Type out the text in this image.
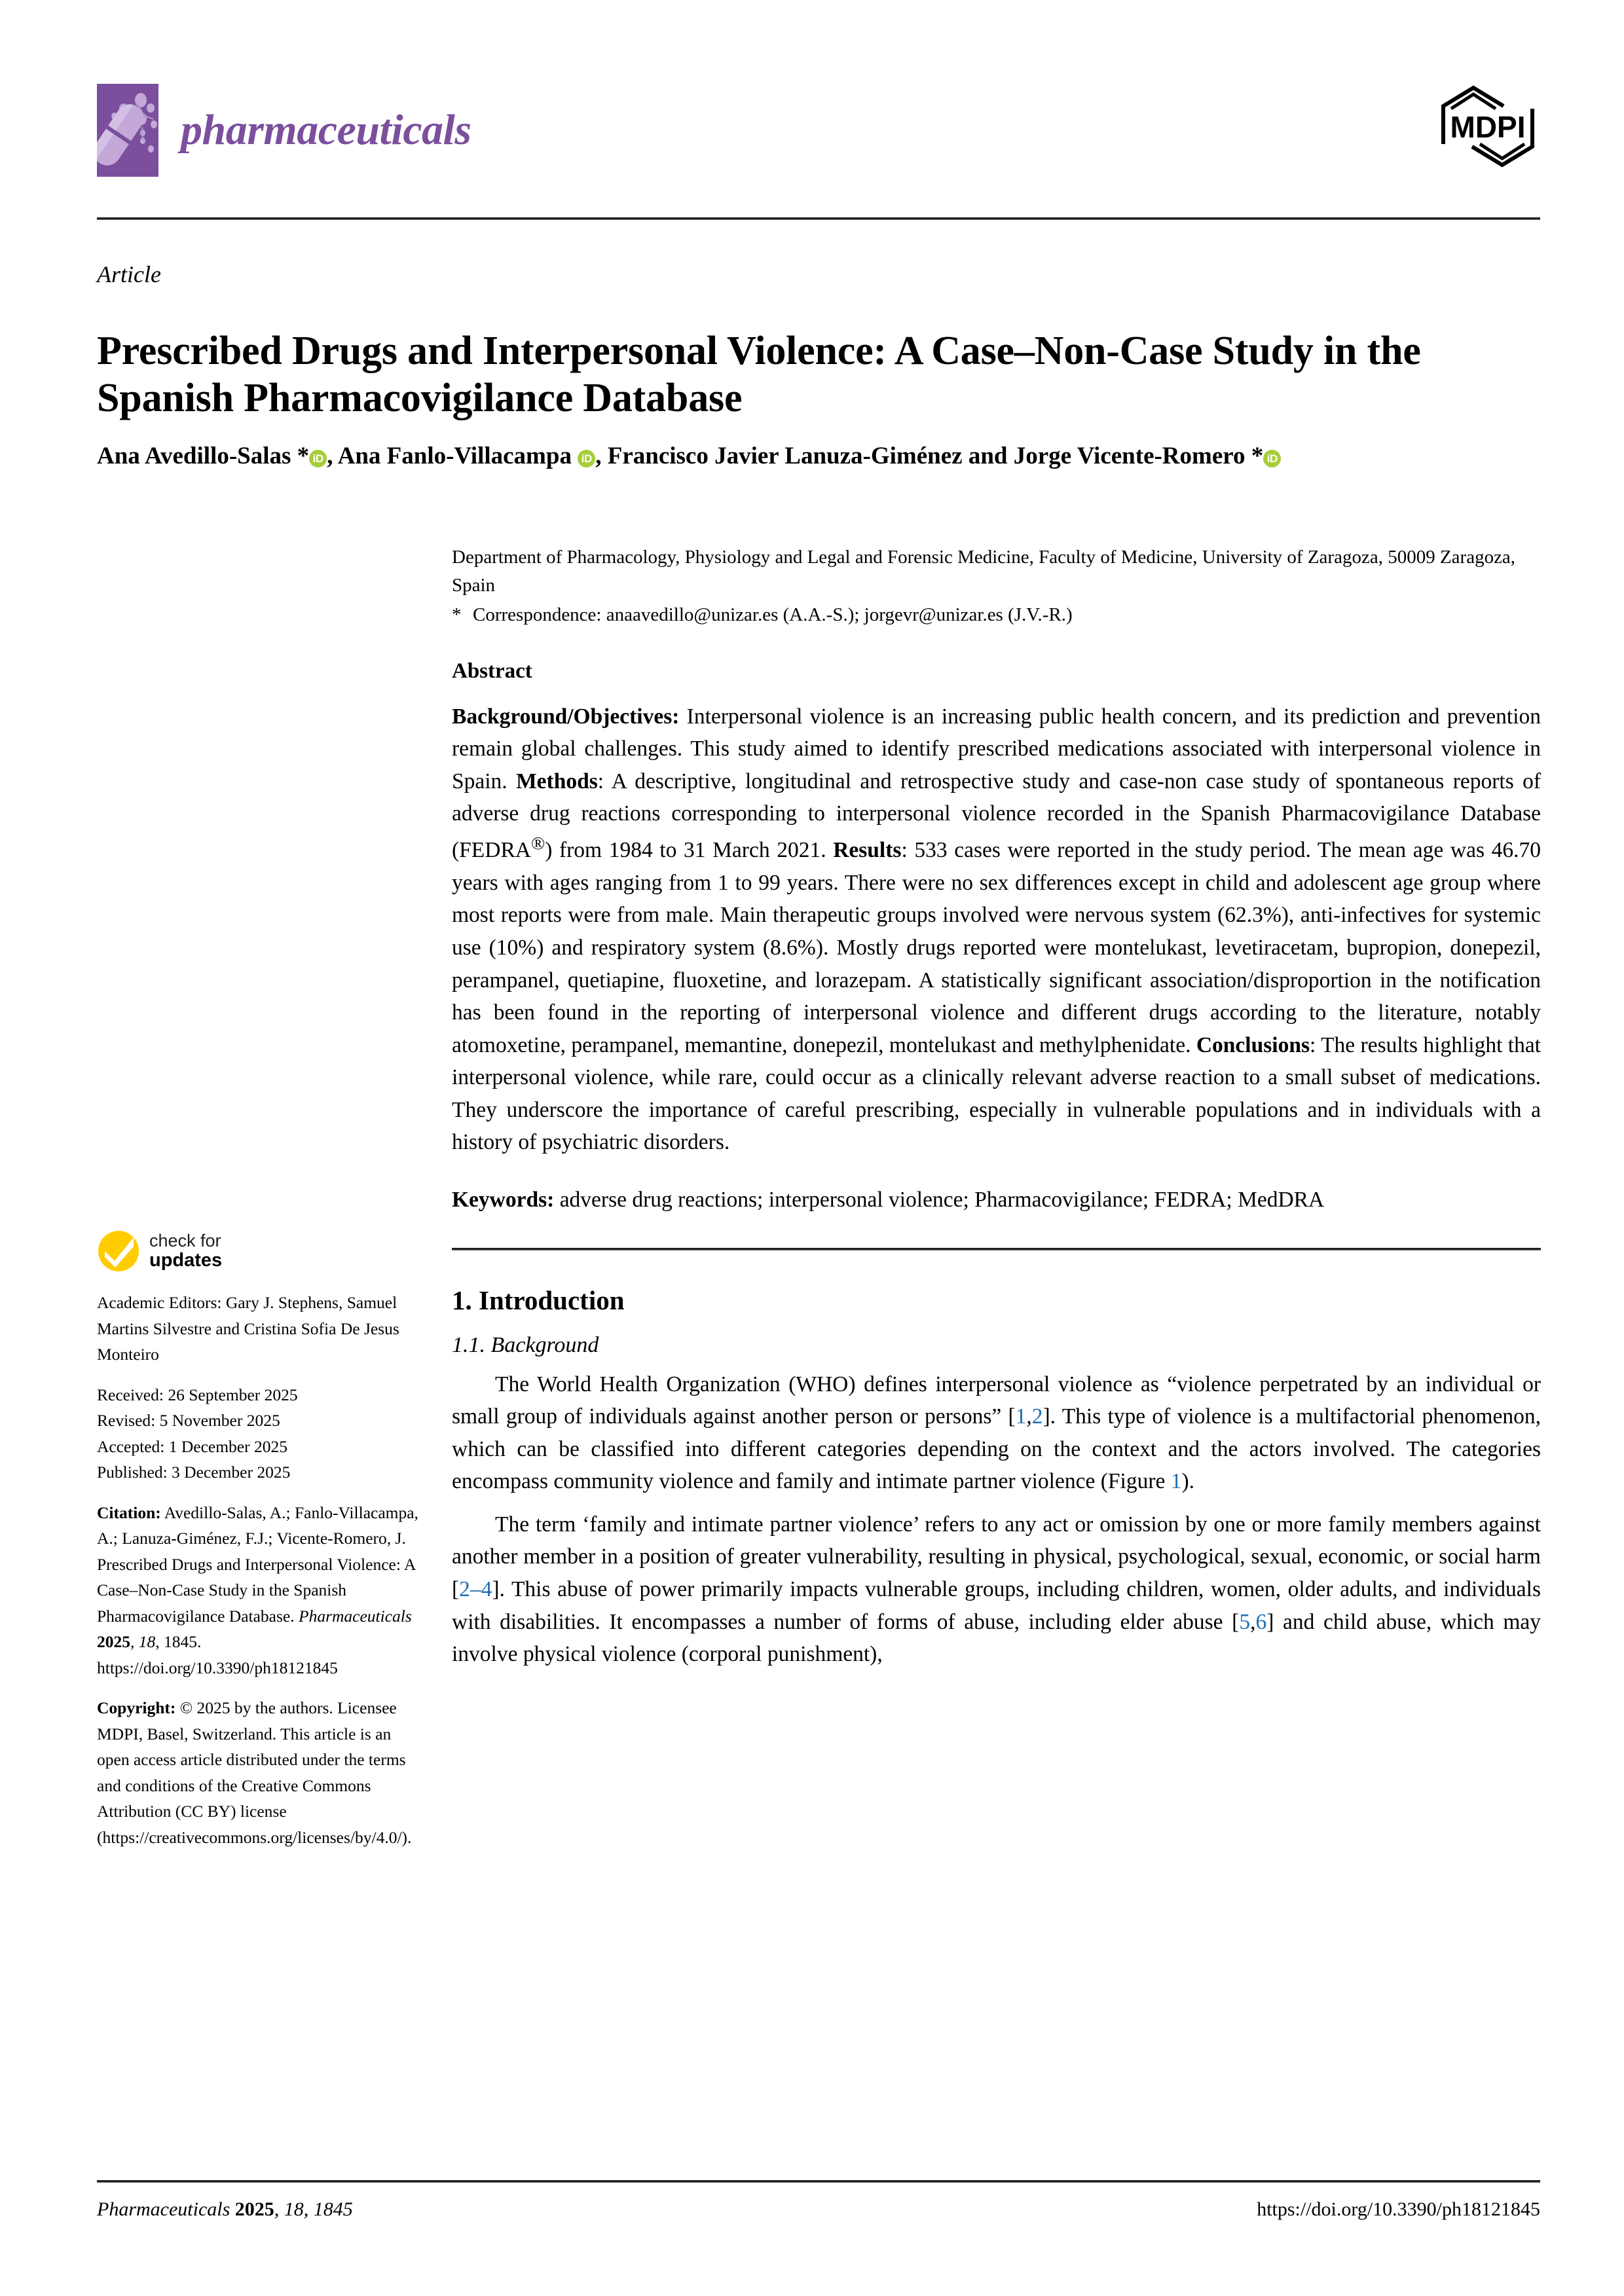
pharmaceuticals	MDPI
Article
Prescribed Drugs and Interpersonal Violence: A Case–Non-Case Study in the Spanish Pharmacovigilance Database
Ana Avedillo-Salas * iD , Ana Fanlo-Villacampa iD , Francisco Javier Lanuza-Giménez and Jorge Vicente-Romero * iD
Department of Pharmacology, Physiology and Legal and Forensic Medicine, Faculty of Medicine, University of Zaragoza, 50009 Zaragoza, Spain
* Correspondence: anaavedillo@unizar.es (A.A.-S.); jorgevr@unizar.es (J.V.-R.)
Abstract
Background/Objectives: Interpersonal violence is an increasing public health concern, and its prediction and prevention remain global challenges. This study aimed to identify prescribed medications associated with interpersonal violence in Spain. Methods: A descriptive, longitudinal and retrospective study and case-non case study of spontaneous reports of adverse drug reactions corresponding to interpersonal violence recorded in the Spanish Pharmacovigilance Database (FEDRA®) from 1984 to 31 March 2021. Results: 533 cases were reported in the study period. The mean age was 46.70 years with ages ranging from 1 to 99 years. There were no sex differences except in child and adolescent age group where most reports were from male. Main therapeutic groups involved were nervous system (62.3%), anti-infectives for systemic use (10%) and respiratory system (8.6%). Mostly drugs reported were montelukast, levetiracetam, bupropion, donepezil, perampanel, quetiapine, fluoxetine, and lorazepam. A statistically significant association/disproportion in the notification has been found in the reporting of interpersonal violence and different drugs according to the literature, notably atomoxetine, perampanel, memantine, donepezil, montelukast and methylphenidate. Conclusions: The results highlight that interpersonal violence, while rare, could occur as a clinically relevant adverse reaction to a small subset of medications. They underscore the importance of careful prescribing, especially in vulnerable populations and in individuals with a history of psychiatric disorders.
Keywords: adverse drug reactions; interpersonal violence; Pharmacovigilance; FEDRA; MedDRA
1. Introduction
1.1. Background
The World Health Organization (WHO) defines interpersonal violence as “violence perpetrated by an individual or small group of individuals against another person or persons” [1,2]. This type of violence is a multifactorial phenomenon, which can be classified into different categories depending on the context and the actors involved. The categories encompass community violence and family and intimate partner violence (Figure 1).
The term ‘family and intimate partner violence’ refers to any act or omission by one or more family members against another member in a position of greater vulnerability, resulting in physical, psychological, sexual, economic, or social harm [2–4]. This abuse of power primarily impacts vulnerable groups, including children, women, older adults, and individuals with disabilities. It encompasses a number of forms of abuse, including elder abuse [5,6] and child abuse, which may involve physical violence (corporal punishment),
check for
updates
Academic Editors: Gary J. Stephens, Samuel Martins Silvestre and Cristina Sofia De Jesus Monteiro
Received: 26 September 2025
Revised: 5 November 2025
Accepted: 1 December 2025
Published: 3 December 2025
Citation: Avedillo-Salas, A.; Fanlo-Villacampa, A.; Lanuza-Giménez, F.J.; Vicente-Romero, J. Prescribed Drugs and Interpersonal Violence: A Case–Non-Case Study in the Spanish Pharmacovigilance Database. Pharmaceuticals 2025, 18, 1845. https://doi.org/10.3390/ph18121845
Copyright: © 2025 by the authors. Licensee MDPI, Basel, Switzerland. This article is an open access article distributed under the terms and conditions of the Creative Commons Attribution (CC BY) license (https://creativecommons.org/licenses/by/4.0/).
Pharmaceuticals 2025, 18, 1845	https://doi.org/10.3390/ph18121845
